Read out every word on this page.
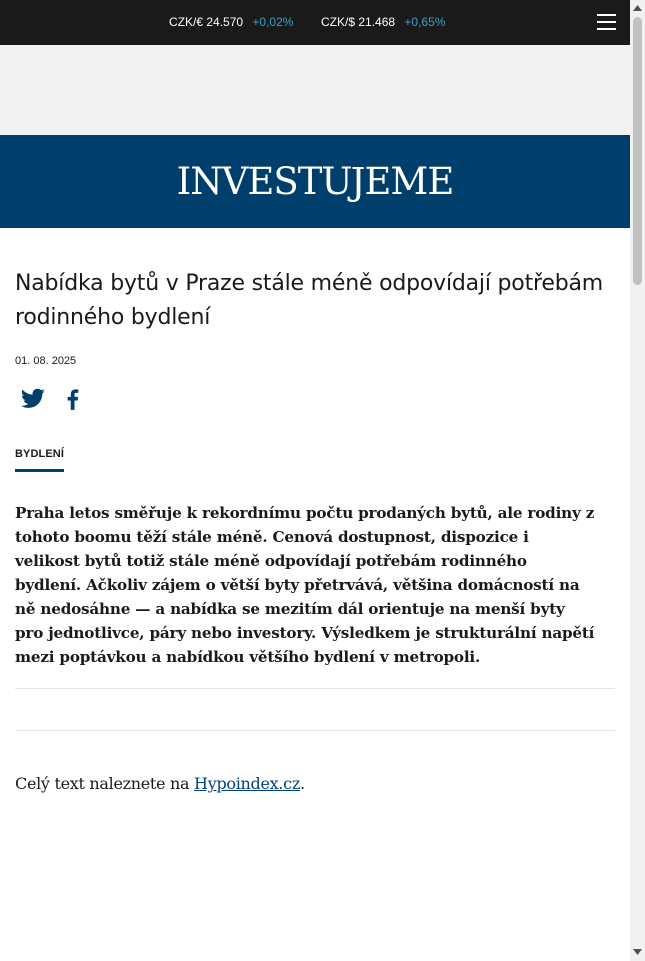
CZK/€ 24.570 +0,02% CZK/$ 21.468 +0,65%
INVESTUJEME
Nabídka bytů v Praze stále méně odpovídají potřebám rodinného bydlení
01. 08. 2025
BYDLENÍ

Praha letos směřuje k rekordnímu počtu prodaných bytů, ale rodiny z tohoto boomu těží stále méně. Cenová dostupnost, dispozice i velikost bytů totiž stále méně odpovídají potřebám rodinného bydlení. Ačkoliv zájem o větší byty přetrvává, většina domácností na ně nedosáhne — a nabídka se mezitím dál orientuje na menší byty pro jednotlivce, páry nebo investory. Výsledkem je strukturální napětí mezi poptávkou a nabídkou většího bydlení v metropoli.

Celý text naleznete na Hypoindex.cz.
